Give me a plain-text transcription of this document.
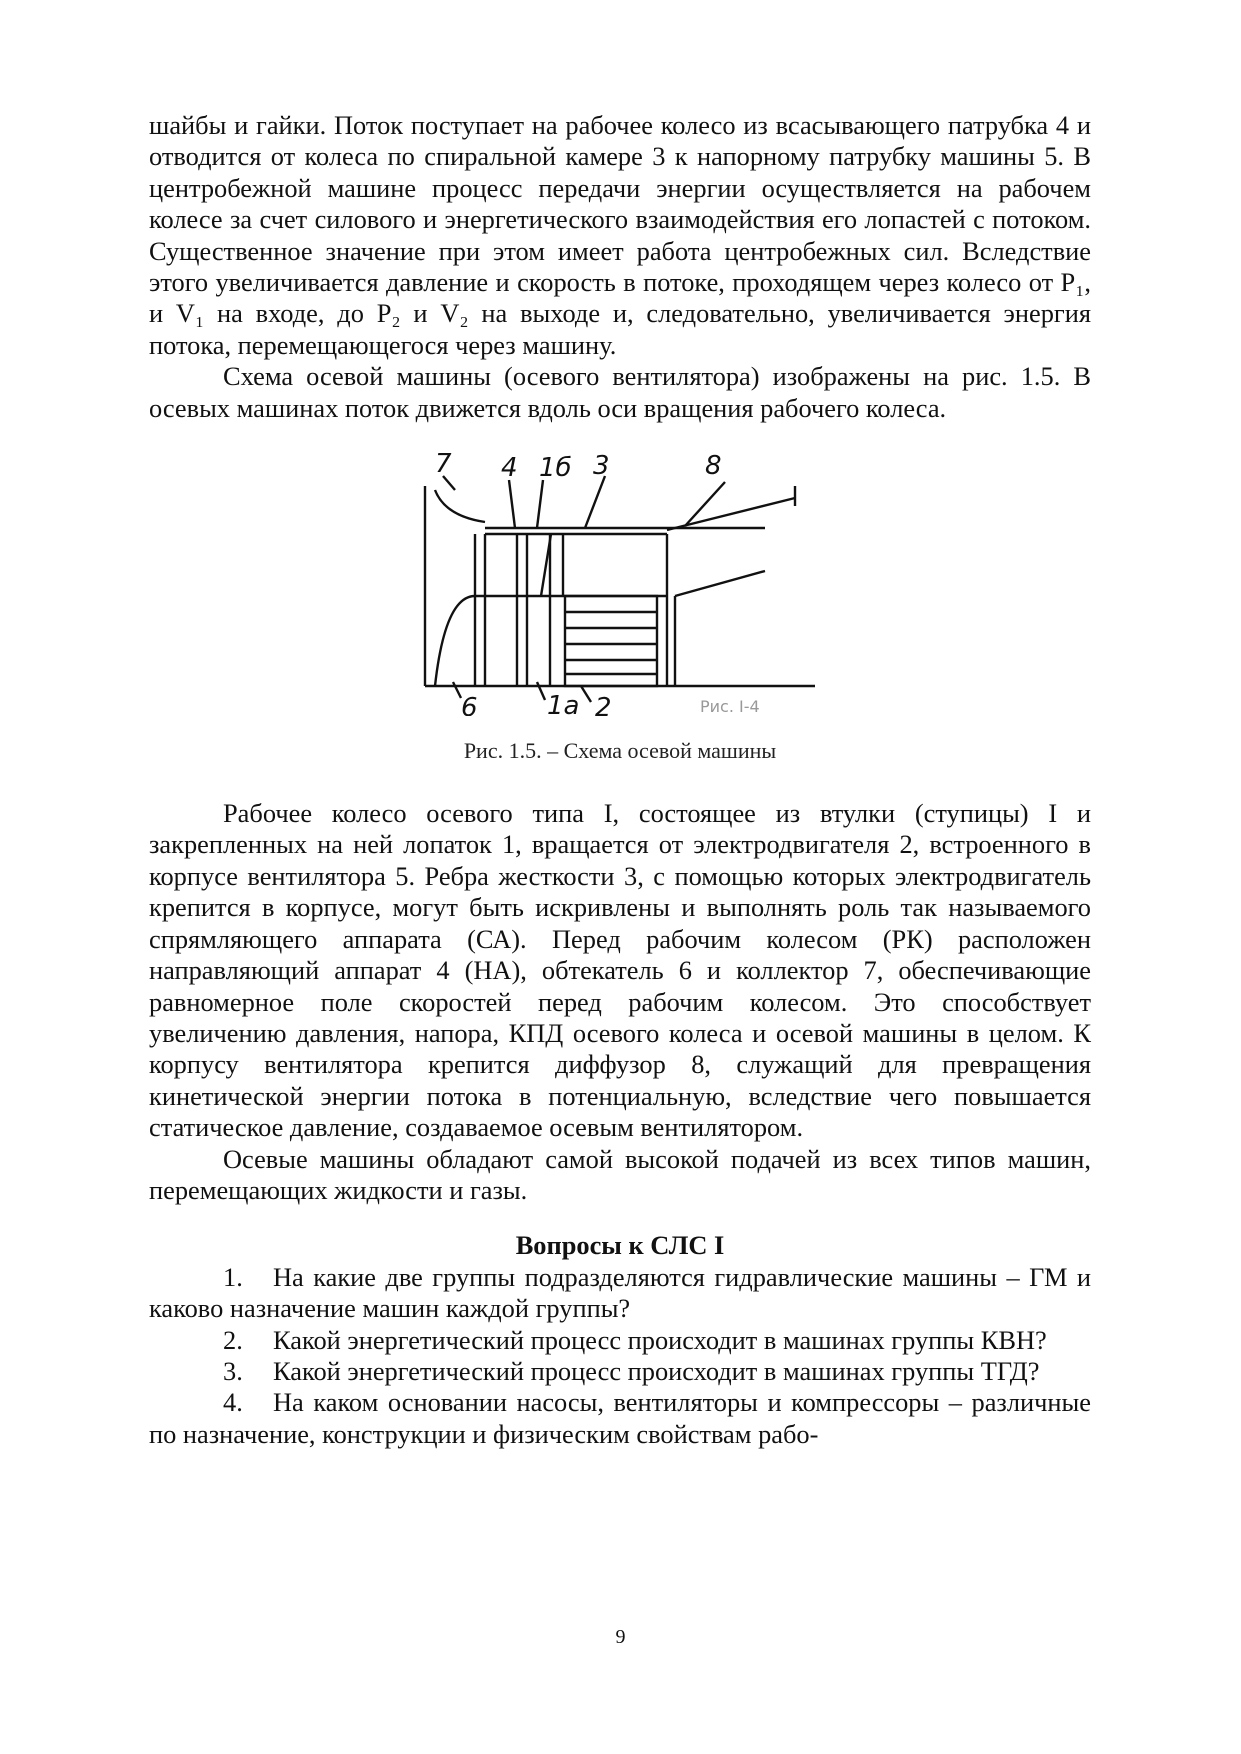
шайбы и гайки. Поток поступает на рабочее колесо из всасывающего патрубка 4 и отводится от колеса по спиральной камере 3 к напорному патрубку машины 5. В центробежной машине процесс передачи энергии осуществляется на рабочем колесе за счет силового и энергетического взаимодействия его лопастей с потоком. Существенное значение при этом имеет работа центробежных сил. Вследствие этого увеличивается давление и скорость в потоке, проходящем через колесо от P₁, и V₁ на входе, до P₂ и V₂ на выходе и, следовательно, увеличивается энергия потока, перемещающегося через машину.

Схема осевой машины (осевого вентилятора) изображены на рис. 1.5. В осевых машинах поток движется вдоль оси вращения рабочего колеса.

7 4 1б 3	8
6	1а 2	Рис. I-4
Рис. 1.5. – Схема осевой машины

Рабочее колесо осевого типа I, состоящее из втулки (ступицы) I и закрепленных на ней лопаток 1, вращается от электродвигателя 2, встроенного в корпусе вентилятора 5. Ребра жесткости 3, с помощью которых электродвигатель крепится в корпусе, могут быть искривлены и выполнять роль так называемого спрямляющего аппарата (СА). Перед рабочим колесом (РК) расположен направляющий аппарат 4 (НА), обтекатель 6 и коллектор 7, обеспечивающие равномерное поле скоростей перед рабочим колесом. Это способствует увеличению давления, напора, КПД осевого колеса и осевой машины в целом. К корпусу вентилятора крепится диффузор 8, служащий для превращения кинетической энергии потока в потенциальную, вследствие чего повышается статическое давление, создаваемое осевым вентилятором.

Осевые машины обладают самой высокой подачей из всех типов машин, перемещающих жидкости и газы.

Вопросы к СЛС I

1. На какие две группы подразделяются гидравлические машины – ГМ и каково назначение машин каждой группы?

2. Какой энергетический процесс происходит в машинах группы КВН?

3. Какой энергетический процесс происходит в машинах группы ТГД?

4. На каком основании насосы, вентиляторы и компрессоры – различные по назначение, конструкции и физическим свойствам рабо-

9
